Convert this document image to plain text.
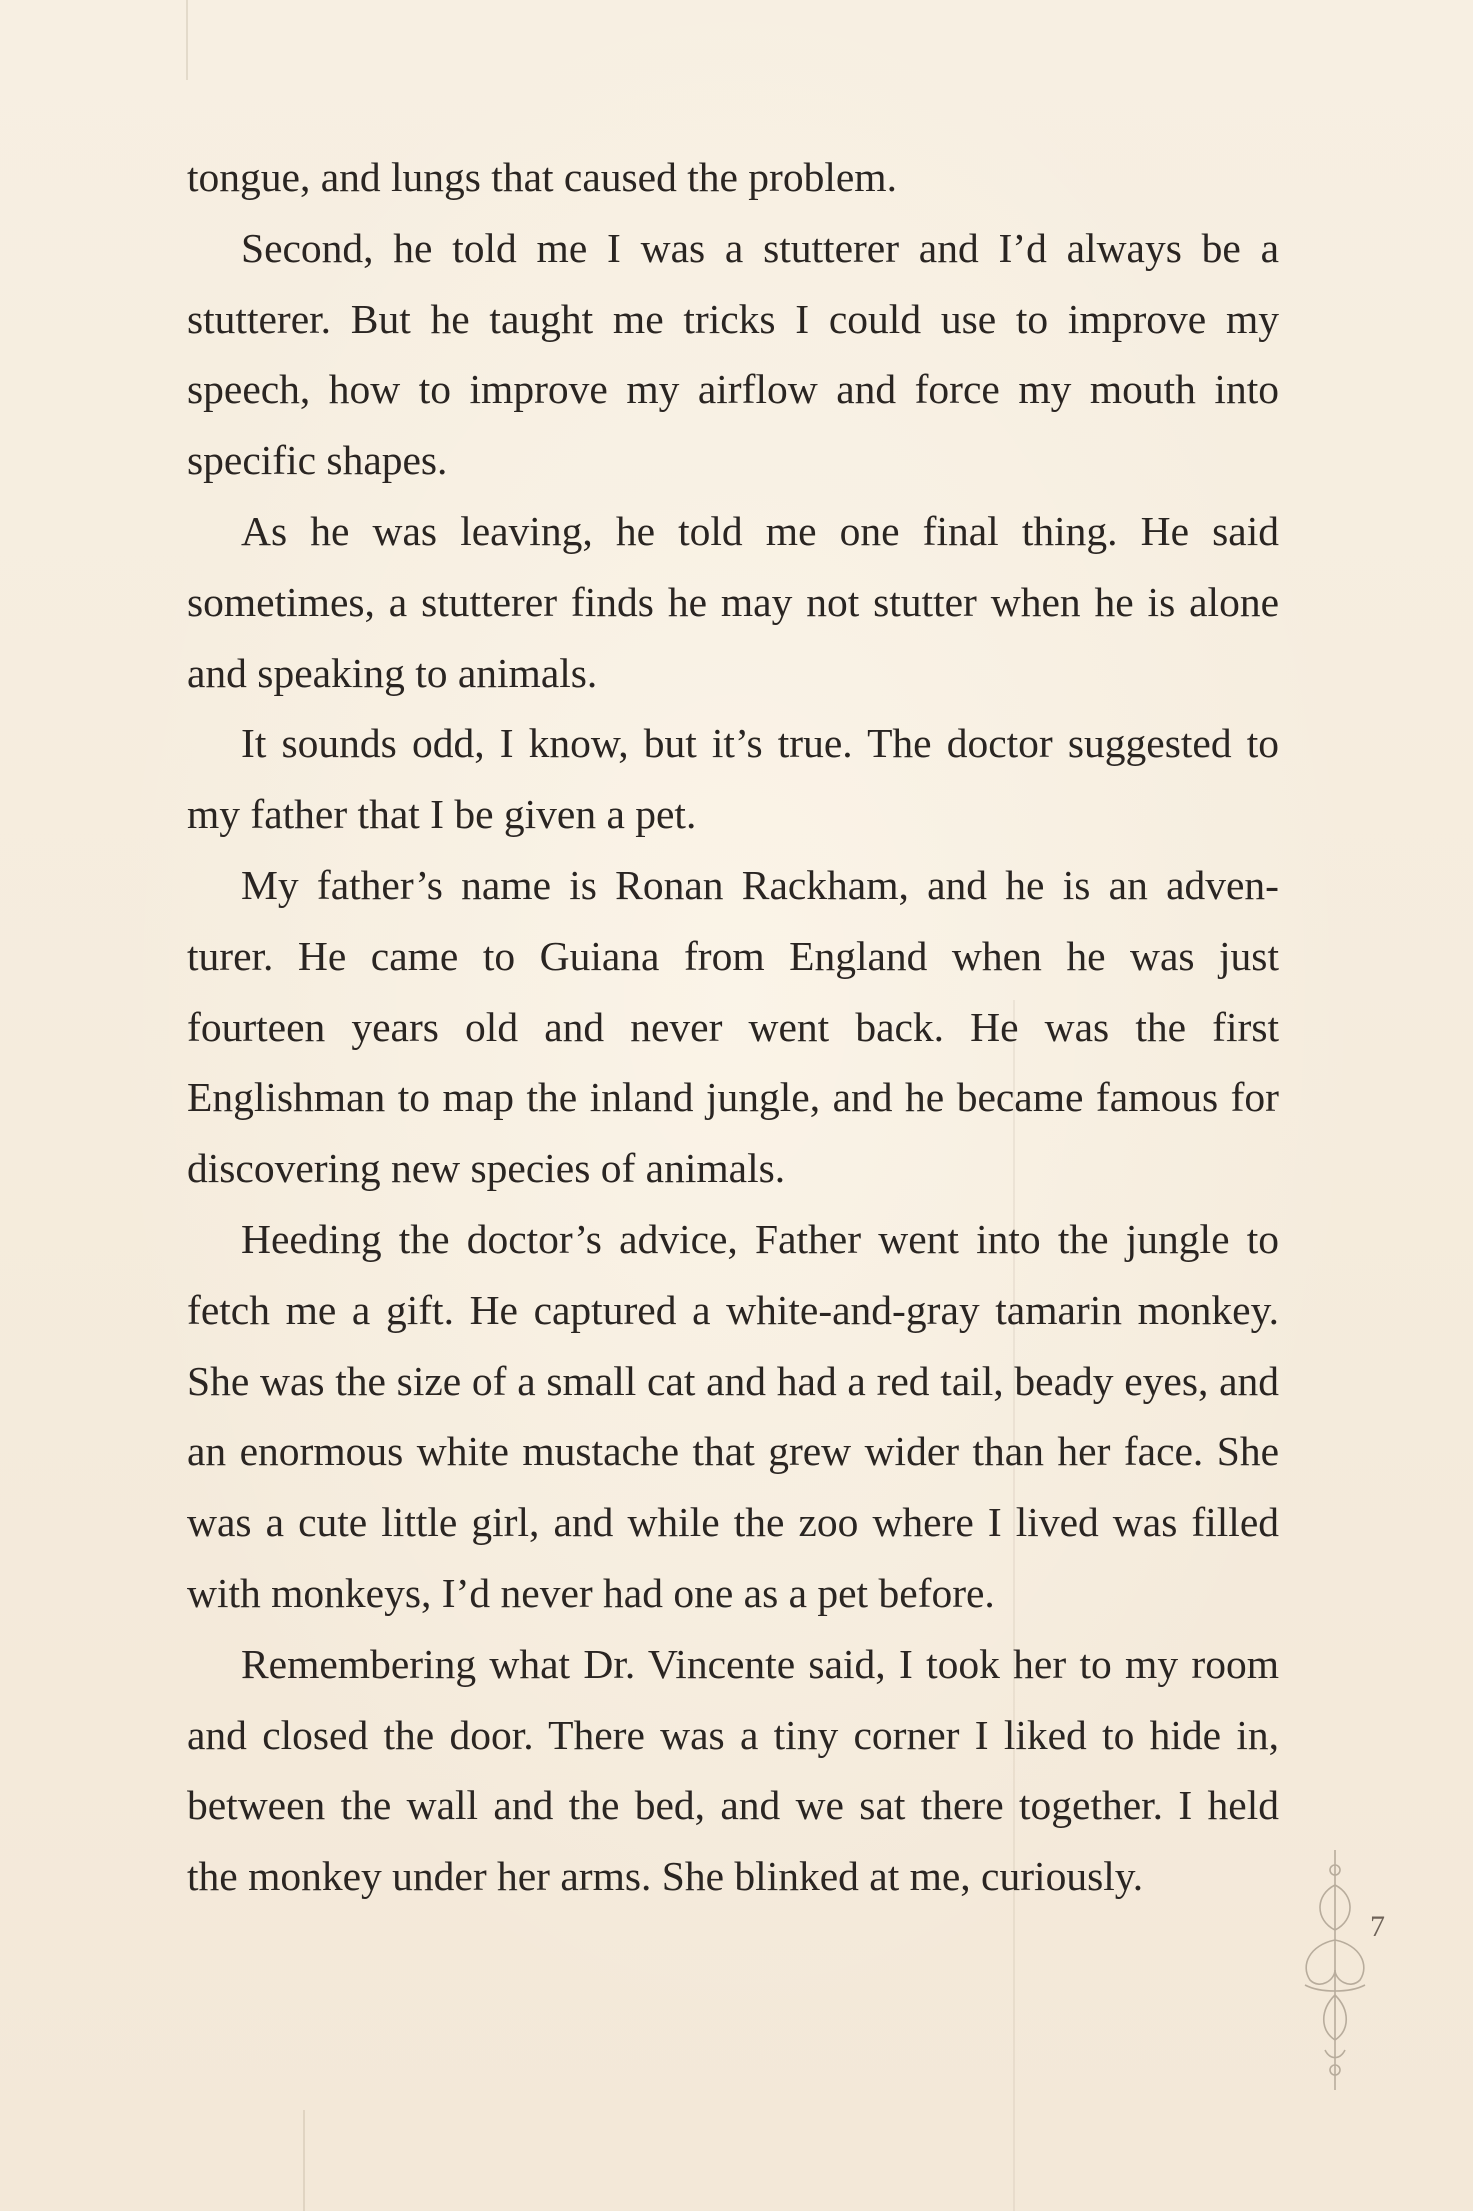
tongue, and lungs that caused the problem.

Second, he told me I was a stutterer and I’d always be a stutterer. But he taught me tricks I could use to improve my speech, how to improve my airflow and force my mouth into specific shapes.

As he was leaving, he told me one final thing. He said sometimes, a stutterer finds he may not stutter when he is alone and speaking to animals.

It sounds odd, I know, but it’s true. The doctor suggested to my father that I be given a pet.

My father’s name is Ronan Rackham, and he is an adven-turer. He came to Guiana from England when he was just fourteen years old and never went back. He was the first Englishman to map the inland jungle, and he became famous for discovering new species of animals.

Heeding the doctor’s advice, Father went into the jungle to fetch me a gift. He captured a white-and-gray tamarin monkey. She was the size of a small cat and had a red tail, beady eyes, and an enormous white mustache that grew wider than her face. She was a cute little girl, and while the zoo where I lived was filled with monkeys, I’d never had one as a pet before.

Remembering what Dr. Vincente said, I took her to my room and closed the door. There was a tiny corner I liked to hide in, between the wall and the bed, and we sat there together. I held the monkey under her arms. She blinked at me, curiously.

7
